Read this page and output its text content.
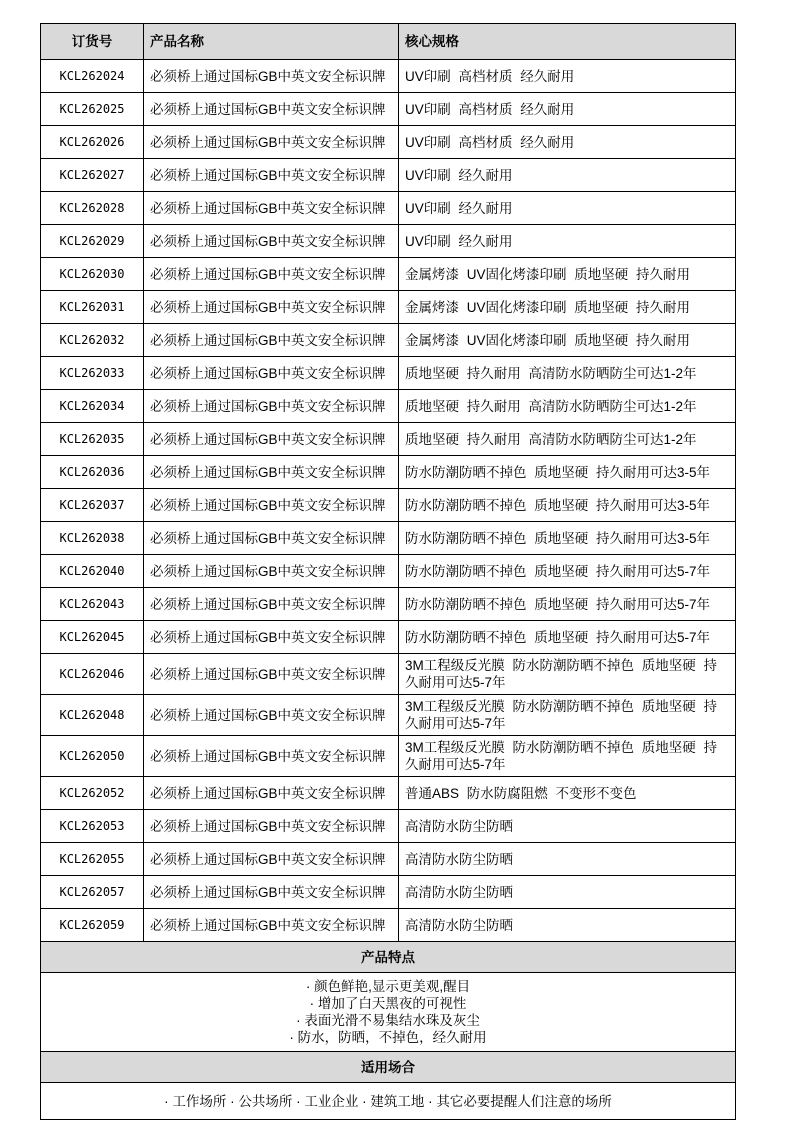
订货号	产品名称	核心规格
KCL262024	必须桥上通过国标GB中英文安全标识牌	UV印刷 高档材质 经久耐用
KCL262025	必须桥上通过国标GB中英文安全标识牌	UV印刷 高档材质 经久耐用
KCL262026	必须桥上通过国标GB中英文安全标识牌	UV印刷 高档材质 经久耐用
KCL262027	必须桥上通过国标GB中英文安全标识牌	UV印刷 经久耐用
KCL262028	必须桥上通过国标GB中英文安全标识牌	UV印刷 经久耐用
KCL262029	必须桥上通过国标GB中英文安全标识牌	UV印刷 经久耐用
KCL262030	必须桥上通过国标GB中英文安全标识牌	金属烤漆 UV固化烤漆印刷 质地坚硬 持久耐用
KCL262031	必须桥上通过国标GB中英文安全标识牌	金属烤漆 UV固化烤漆印刷 质地坚硬 持久耐用
KCL262032	必须桥上通过国标GB中英文安全标识牌	金属烤漆 UV固化烤漆印刷 质地坚硬 持久耐用
KCL262033	必须桥上通过国标GB中英文安全标识牌	质地坚硬 持久耐用 高清防水防晒防尘可达1-2年
KCL262034	必须桥上通过国标GB中英文安全标识牌	质地坚硬 持久耐用 高清防水防晒防尘可达1-2年
KCL262035	必须桥上通过国标GB中英文安全标识牌	质地坚硬 持久耐用 高清防水防晒防尘可达1-2年
KCL262036	必须桥上通过国标GB中英文安全标识牌	防水防潮防晒不掉色 质地坚硬 持久耐用可达3-5年
KCL262037	必须桥上通过国标GB中英文安全标识牌	防水防潮防晒不掉色 质地坚硬 持久耐用可达3-5年
KCL262038	必须桥上通过国标GB中英文安全标识牌	防水防潮防晒不掉色 质地坚硬 持久耐用可达3-5年
KCL262040	必须桥上通过国标GB中英文安全标识牌	防水防潮防晒不掉色 质地坚硬 持久耐用可达5-7年
KCL262043	必须桥上通过国标GB中英文安全标识牌	防水防潮防晒不掉色 质地坚硬 持久耐用可达5-7年
KCL262045	必须桥上通过国标GB中英文安全标识牌	防水防潮防晒不掉色 质地坚硬 持久耐用可达5-7年
KCL262046	必须桥上通过国标GB中英文安全标识牌	3M工程级反光膜 防水防潮防晒不掉色 质地坚硬 持久耐用可达5-7年
KCL262048	必须桥上通过国标GB中英文安全标识牌	3M工程级反光膜 防水防潮防晒不掉色 质地坚硬 持久耐用可达5-7年
KCL262050	必须桥上通过国标GB中英文安全标识牌	3M工程级反光膜 防水防潮防晒不掉色 质地坚硬 持久耐用可达5-7年
KCL262052	必须桥上通过国标GB中英文安全标识牌	普通ABS 防水防腐阻燃 不变形不变色
KCL262053	必须桥上通过国标GB中英文安全标识牌	高清防水防尘防晒
KCL262055	必须桥上通过国标GB中英文安全标识牌	高清防水防尘防晒
KCL262057	必须桥上通过国标GB中英文安全标识牌	高清防水防尘防晒
KCL262059	必须桥上通过国标GB中英文安全标识牌	高清防水防尘防晒
产品特点		

· 颜色鲜艳,显示更美观,醒目
· 增加了白天黑夜的可视性
· 表面光滑不易集结水珠及灰尘
· 防水，防晒，不掉色，经久耐用		

适用场合		
· 工作场所 · 公共场所 · 工业企业 · 建筑工地 · 其它必要提醒人们注意的场所		
